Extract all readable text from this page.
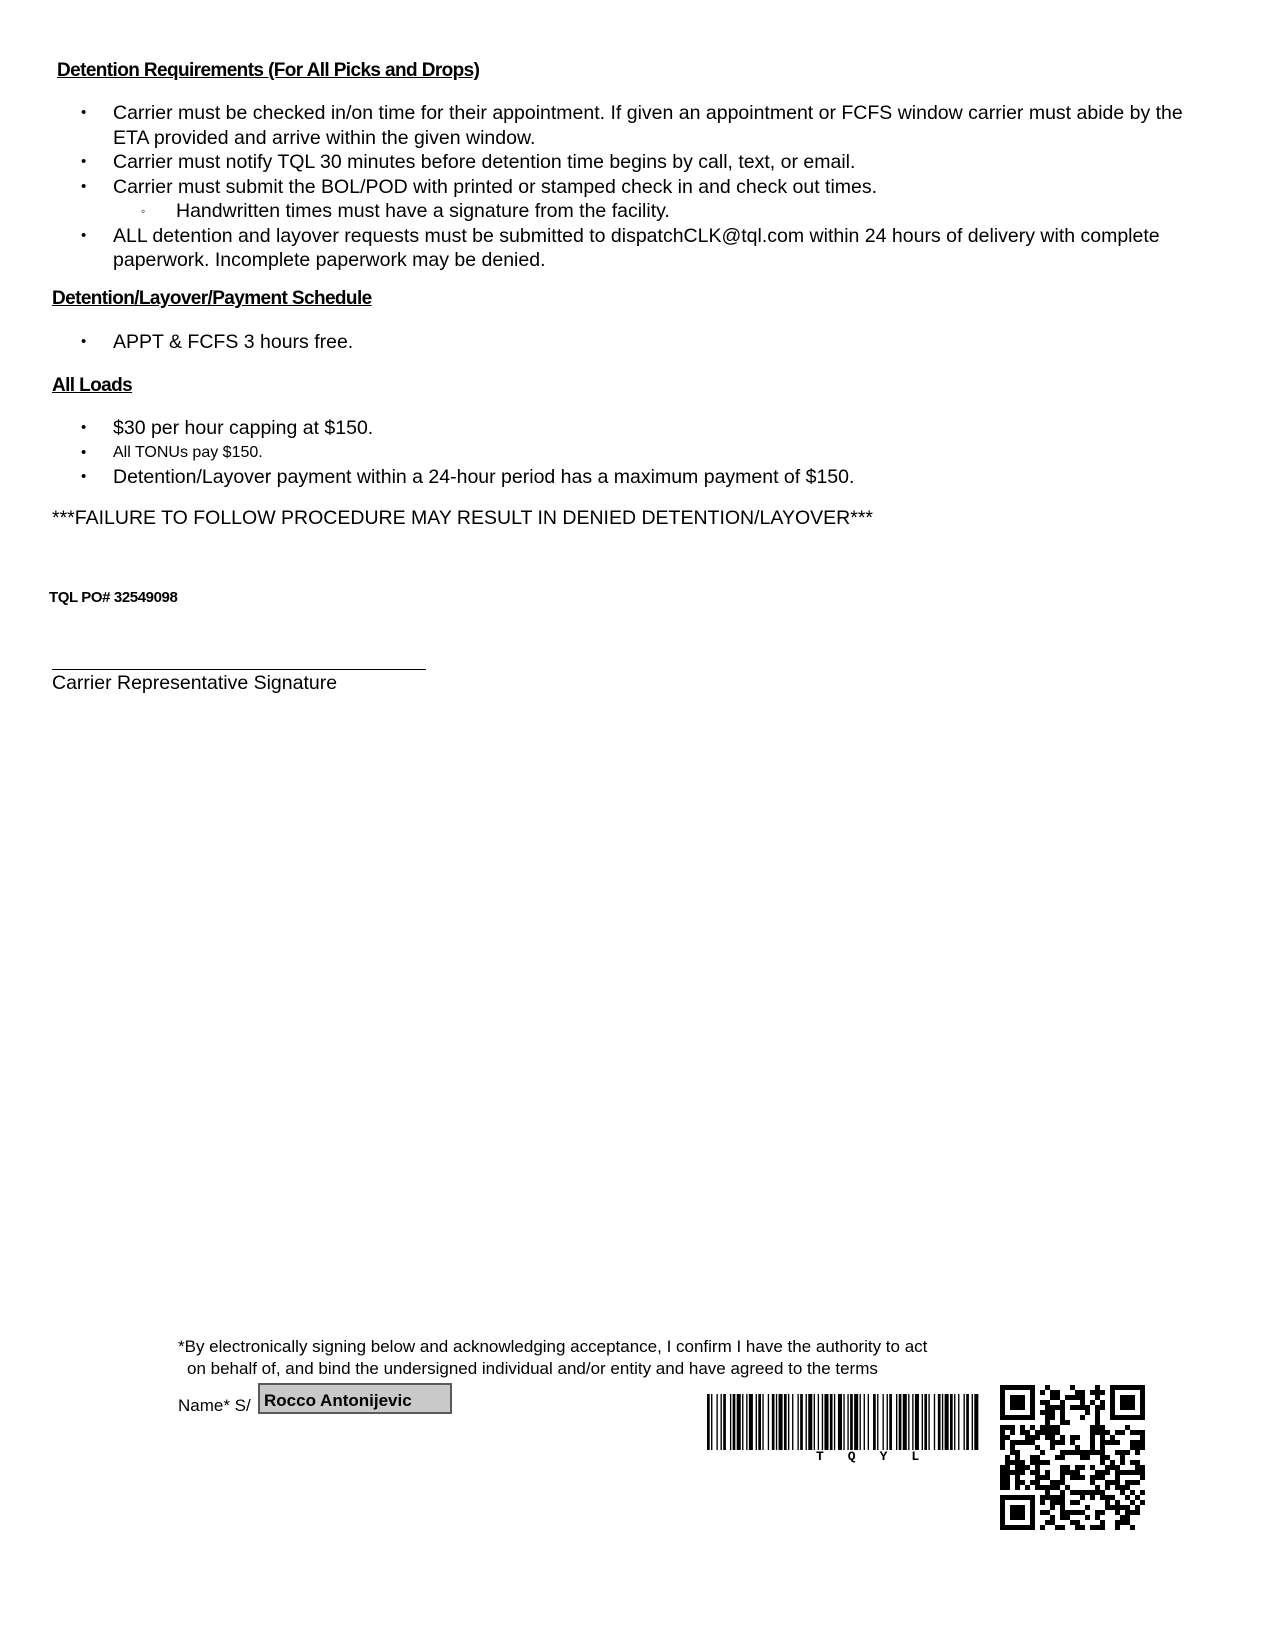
Detention Requirements (For All Picks and Drops)
• Carrier must be checked in/on time for their appointment. If given an appointment or FCFS window carrier must abide by the ETA provided and arrive within the given window.
• Carrier must notify TQL 30 minutes before detention time begins by call, text, or email.
• Carrier must submit the BOL/POD with printed or stamped check in and check out times.
◦ Handwritten times must have a signature from the facility.
• ALL detention and layover requests must be submitted to dispatchCLK@tql.com within 24 hours of delivery with complete paperwork. Incomplete paperwork may be denied.
Detention/Layover/Payment Schedule
• APPT & FCFS 3 hours free.
All Loads
• $30 per hour capping at $150.
• All TONUs pay $150.
• Detention/Layover payment within a 24-hour period has a maximum payment of $150.
***FAILURE TO FOLLOW PROCEDURE MAY RESULT IN DENIED DETENTION/LAYOVER***
TQL PO# 32549098
Carrier Representative Signature
*By electronically signing below and acknowledging acceptance, I confirm I have the authority to act
on behalf of, and bind the undersigned individual and/or entity and have agreed to the terms
Name* S/ Rocco Antonijevic
TQYL
